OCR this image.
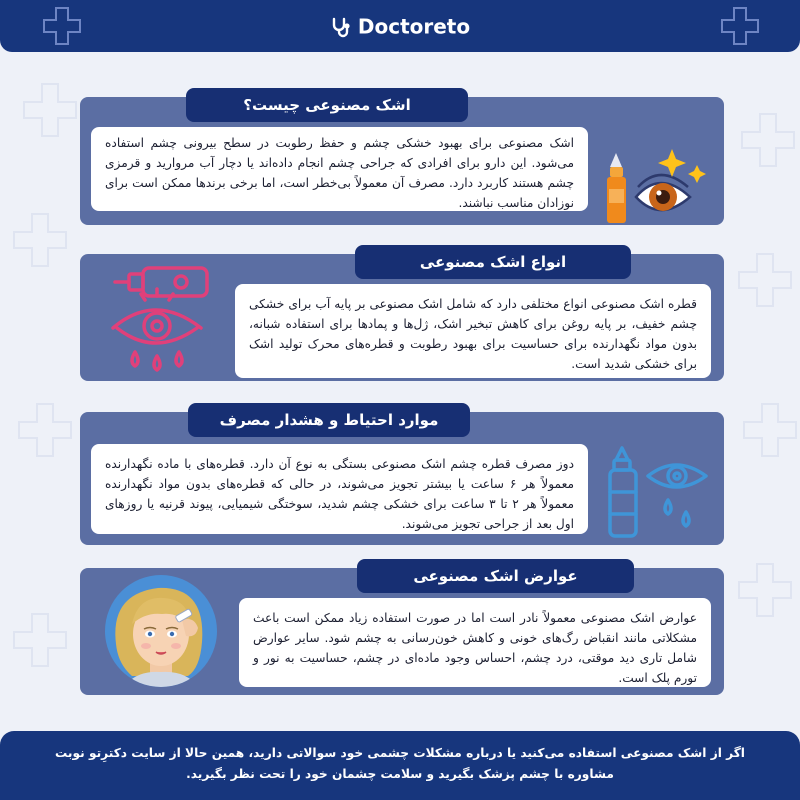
Doctoreto
اشک مصنوعی چیست؟
اشک مصنوعی برای بهبود خشکی چشم و حفظ رطوبت در سطح بیرونی چشم استفاده می‌شود. این دارو برای افرادی که جراحی چشم انجام داده‌اند یا دچار آب مروارید و قرمزی چشم هستند کاربرد دارد. مصرف آن معمولاً بی‌خطر است، اما برخی برندها ممکن است برای نوزادان مناسب نباشند.
انواع اشک مصنوعی
قطره اشک مصنوعی انواع مختلفی دارد که شامل اشک مصنوعی بر پایه آب برای خشکی چشم خفیف، بر پایه روغن برای کاهش تبخیر اشک، ژل‌ها و پمادها برای استفاده شبانه، بدون مواد نگهدارنده برای حساسیت برای بهبود رطوبت و قطره‌های محرک تولید اشک برای خشکی شدید است.
موارد احتیاط و هشدار مصرف
دوز مصرف قطره چشم اشک مصنوعی بستگی به نوع آن دارد. قطره‌های با ماده نگهدارنده معمولاً هر ۶ ساعت یا بیشتر تجویز می‌شوند، در حالی که قطره‌های بدون مواد نگهدارنده معمولاً هر ۲ تا ۳ ساعت برای خشکی چشم شدید، سوختگی شیمیایی، پیوند قرنیه یا روزهای اول بعد از جراحی تجویز می‌شوند.
عوارض اشک مصنوعی
عوارض اشک مصنوعی معمولاً نادر است اما در صورت استفاده زیاد ممکن است باعث مشکلاتی مانند انقباض رگ‌های خونی و کاهش خون‌رسانی به چشم شود. سایر عوارض شامل تاری دید موقتی، درد چشم، احساس وجود ماده‌ای در چشم، حساسیت به نور و تورم پلک است.
اگر از اشک مصنوعی استفاده می‌کنید یا درباره مشکلات چشمی خود سوالاتی دارید، همین حالا از سایت دکترِتو نوبت مشاوره با چشم پزشک بگیرید و سلامت چشمان خود را تحت نظر بگیرید.
